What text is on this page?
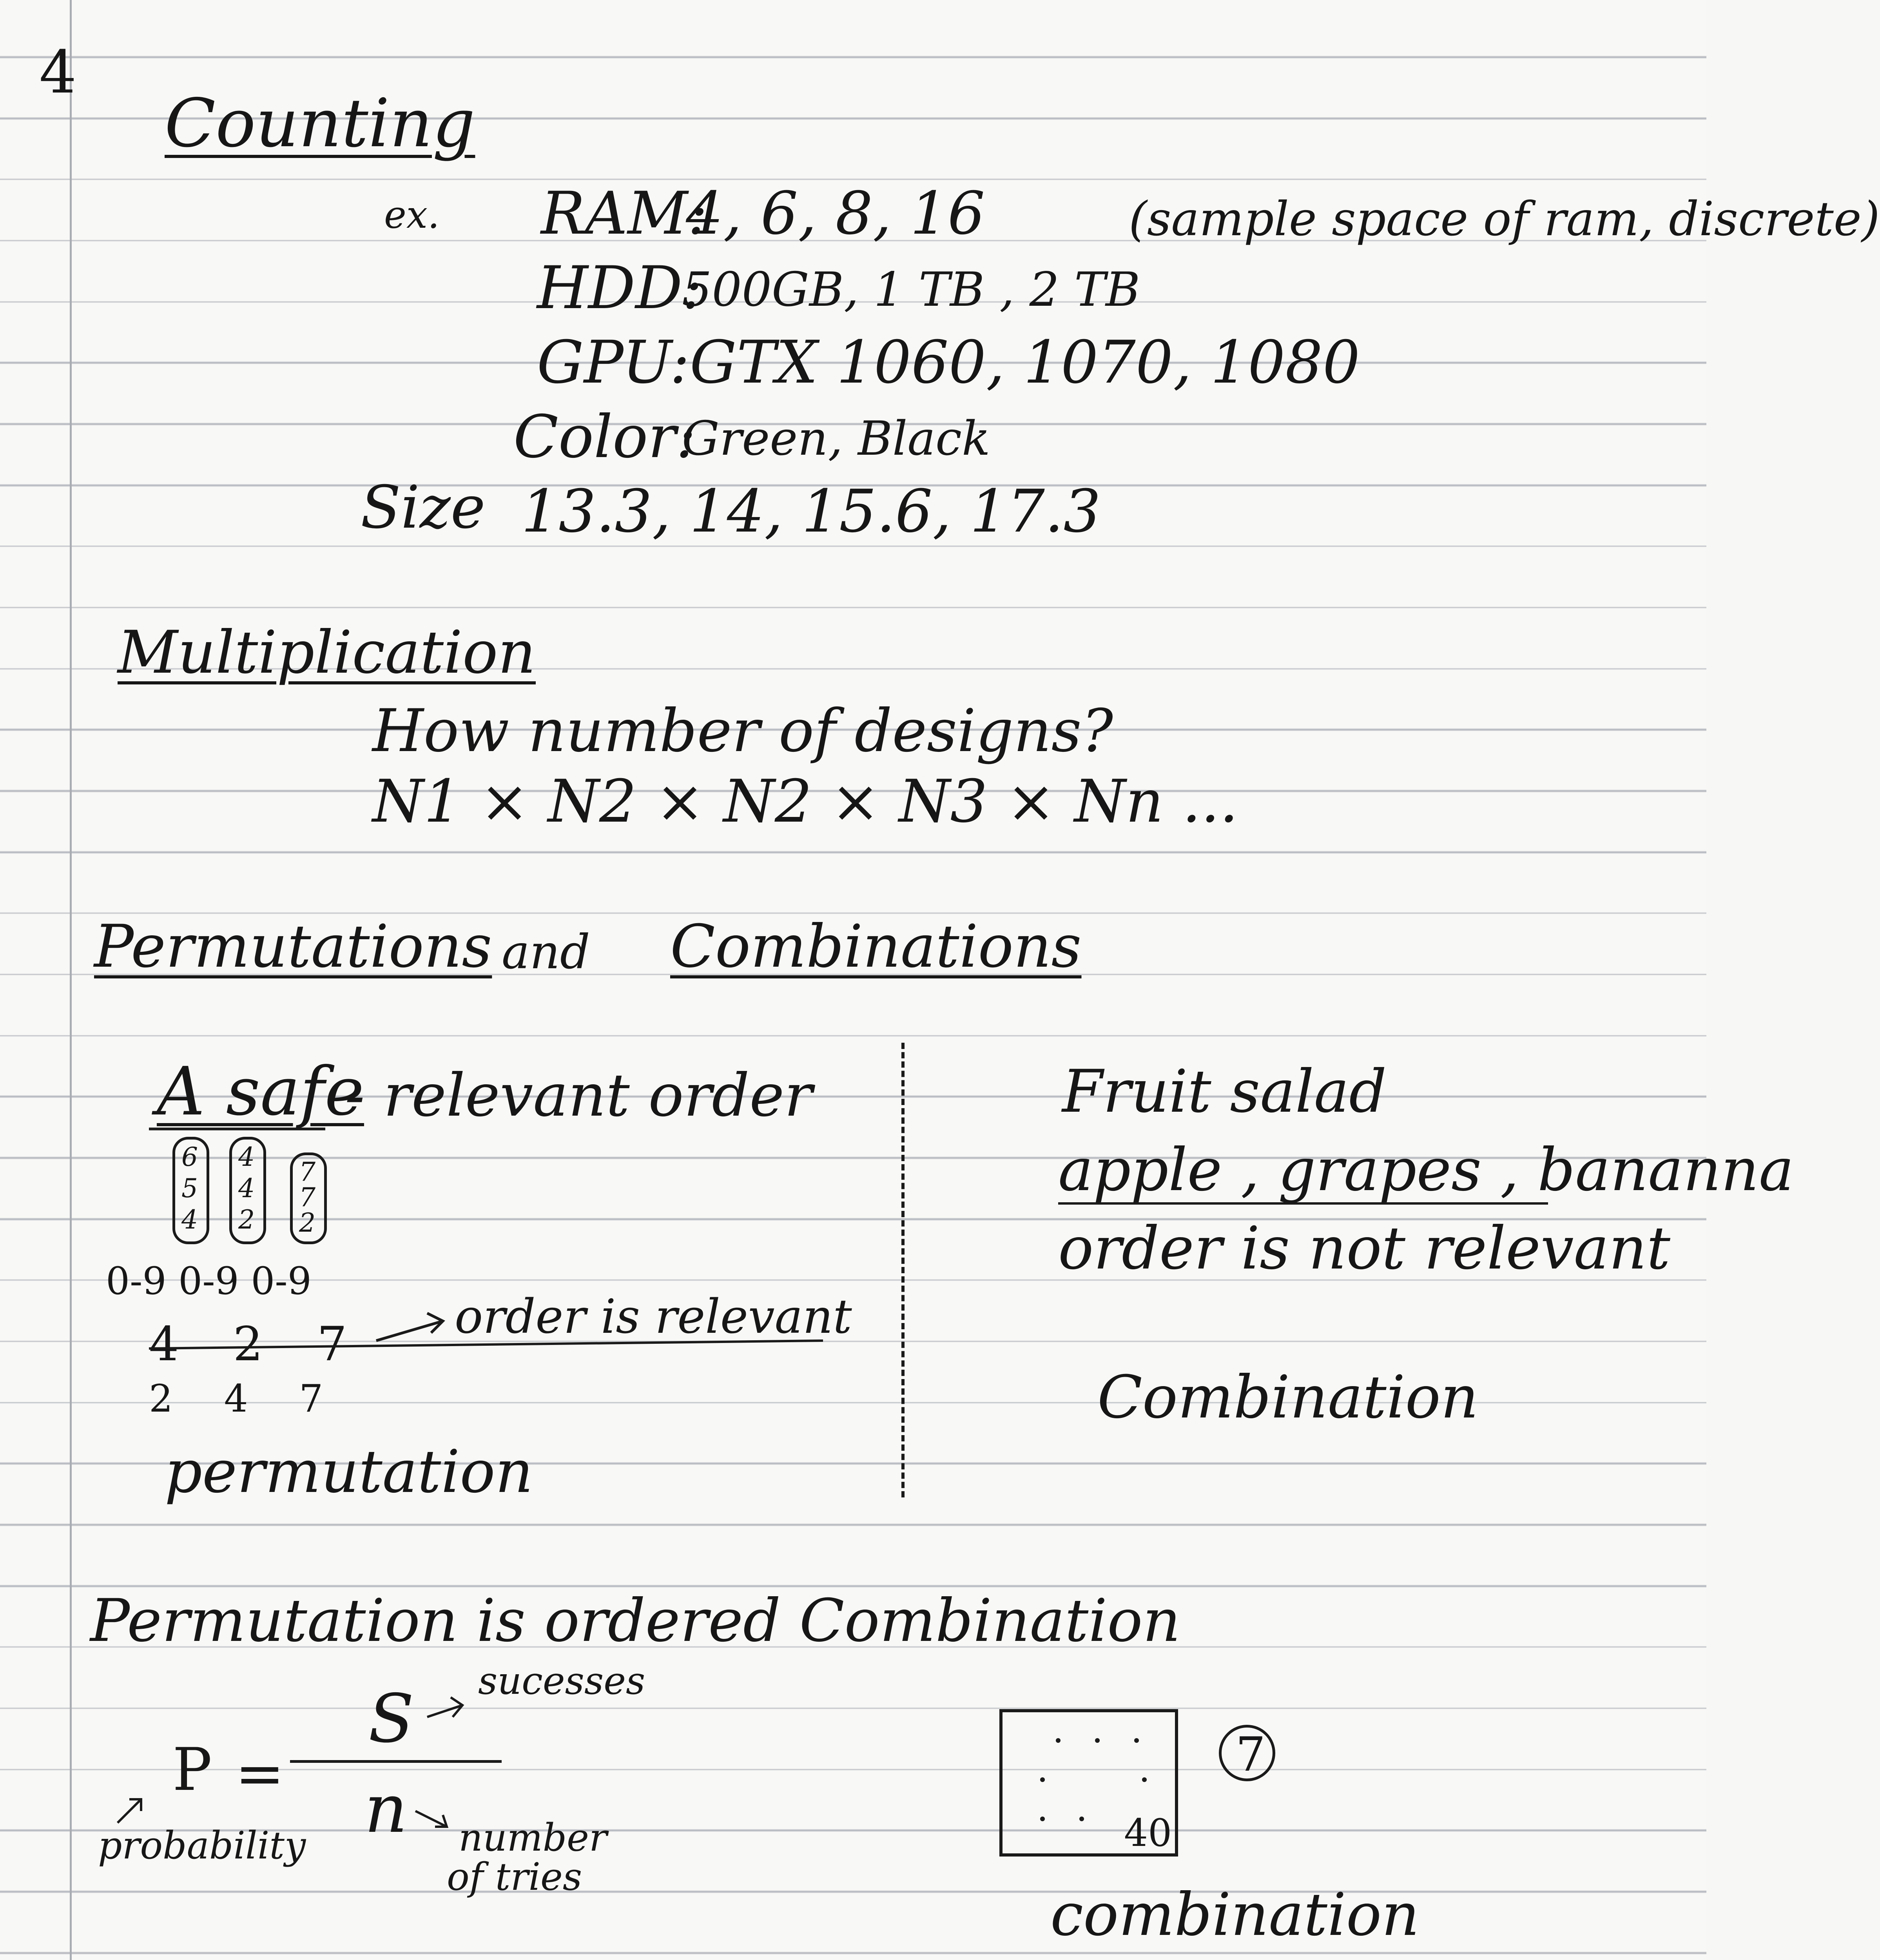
4
Counting
ex. RAM:
4, 6, 8, 16	(sample space of ram, discrete)
HDD:
500GB, 1 TB , 2 TB
GPU: GTX 1060, 1070, 1080
Color:
Green, Black
Size 13.3, 14, 15.6, 17.3
Multiplication
How number of designs?
N1 × N2 × N2 × N3 × Nn ...
Permutations and Combinations
A safe
- relevant order
6
5
4
4
4
2
7
7
2
0-9 0-9 0-9
4 2 7
order is relevant
2 4 7
permutation
Fruit salad
apple , grapes , bananna
order is not relevant
Combination
Permutation is ordered Combination
sucesses
S
P = n number
of tries
probability	40
7
combination
